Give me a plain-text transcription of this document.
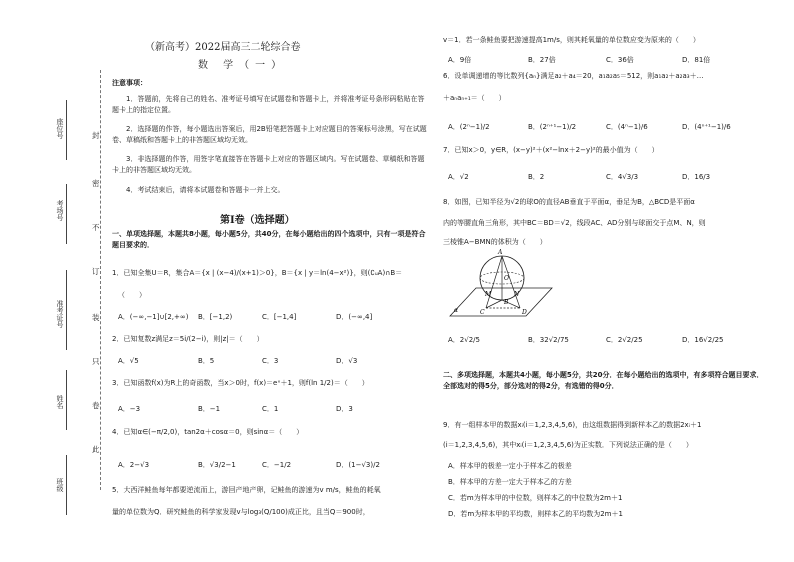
封
密
不
订
装
只
卷
此
座位号
考场号
准考证号
姓名
班级
（新高考）2022届高三二轮综合卷
数 学（一）
注意事项：
1．答题前，先将自己的姓名、准考证号填写在试题卷和答题卡上，并将准考证号条形码粘贴在答题卡上的指定位置。
2．选择题的作答，每小题选出答案后，用2B铅笔把答题卡上对应题目的答案标号涂黑，写在试题卷、草稿纸和答题卡上的非答题区域均无效。
3．非选择题的作答，用签字笔直接答在答题卡上对应的答题区域内。写在试题卷、草稿纸和答题卡上的非答题区域均无效。
4．考试结束后，请将本试题卷和答题卡一并上交。
第Ⅰ卷（选择题）
一、单项选择题，本题共8小题，每小题5分，共40分，在每小题给出的四个选项中，只有一项是符合题目要求的．
1．已知全集U＝R，集合A＝{x | (x−4)/(x+1)＞0}，B＝{x | y＝ln(4−x²)}，则(∁ᵤA)∩B＝
（　　）
A．(−∞,−1]∪[2,+∞) B．[−1,2)	C．[−1,4]	D．(−∞,4]
2．已知复数z满足z＝5i/(2−i)，则|z|＝（　　）
A．√5	B．5	C．3	D．√3
3．已知函数f(x)为R上的奇函数，当x＞0时，f(x)＝eˣ＋1，则f(ln 1/2)＝（　　）
A．−3	B．−1	C．1	D．3
4．已知α∈(−π/2,0)，tan2α＋cosα＝0，则sinα＝（　　）
A．2−√3	B．√3/2−1	C．−1/2	D．(1−√3)/2
5．大西洋鲑鱼每年都要逆流而上，游回产地产卵，记鲑鱼的游速为v m/s，鲑鱼的耗氧
量的单位数为Q．研究鲑鱼的科学家发现v与log₃(Q/100)成正比，且当Q＝900时，
v＝1．若一条鲑鱼要把游速提高1m/s，则其耗氧量的单位数应变为原来的（　　）
A．9倍	B．27倍	C．36倍	D．81倍
6．设单调递增的等比数列{aₙ}满足a₂＋a₄＝20，a₁a₂a₅＝512，则a₁a₂＋a₂a₃＋…
＋aₙaₙ₊₁＝（　　）
A．(2ⁿ−1)/2	B．(2ⁿ⁺¹−1)/2	C．(4ⁿ−1)/6	D．(4ⁿ⁺¹−1)/6
7．已知x＞0，y∈R，(x−y)²＋(x²−lnx＋2−y)²的最小值为（　　）
A．√2	B．2	C．4√3/3	D．16/3
8．如图，已知半径为√2的球O的直径AB垂直于平面α，垂足为B，△BCD是平面α
内的等腰直角三角形，其中BC＝BD＝√2，线段AC、AD分别与球面交于点M、N，则
三棱锥A−BMN的体积为（　　）
A
O
M	N
B
C	D
α
A．2√2/5	B．32√2/75	C．2√2/25	D．16√2/25
二、多项选择题，本题共4小题，每小题5分，共20分．在每小题给出的选项中，有多项符合题目要求．全部选对的得5分，部分选对的得2分，有选错的得0分．
9．有一组样本甲的数据xᵢ(i＝1,2,3,4,5,6)，由这组数据得到新样本乙的数据2xᵢ＋1
(i＝1,2,3,4,5,6)，其中xᵢ(i＝1,2,3,4,5,6)为正实数．下列说法正确的是（　　）
A．样本甲的极差一定小于样本乙的极差
B．样本甲的方差一定大于样本乙的方差
C．若m为样本甲的中位数，则样本乙的中位数为2m＋1
D．若m为样本甲的平均数，则样本乙的平均数为2m＋1
